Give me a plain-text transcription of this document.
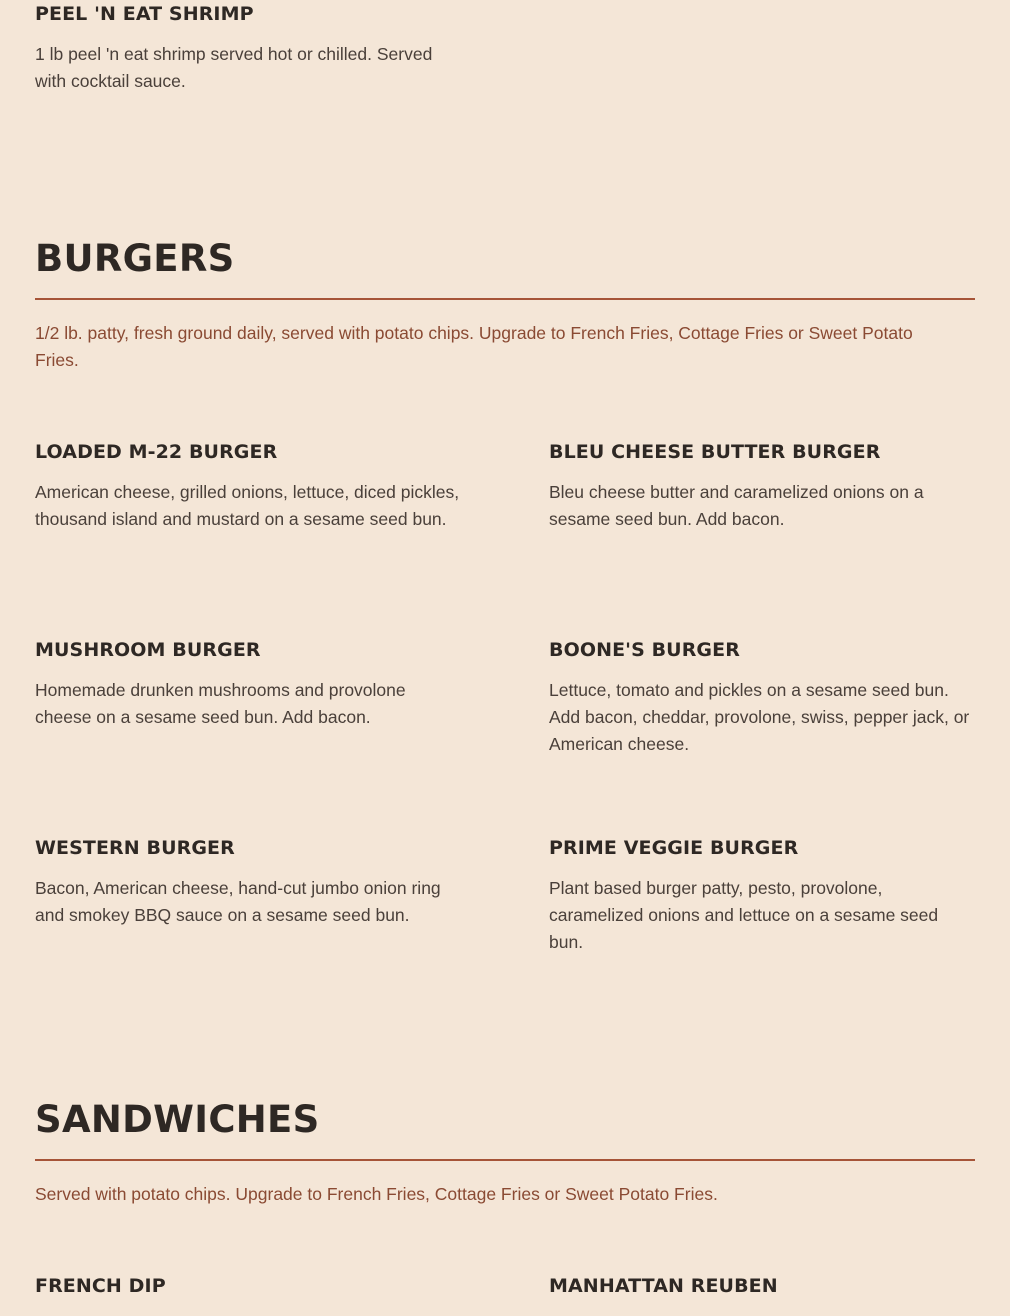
PEEL 'N EAT SHRIMP

1 lb peel 'n eat shrimp served hot or chilled. Served with cocktail sauce.

BURGERS

1/2 lb. patty, fresh ground daily, served with potato chips. Upgrade to French Fries, Cottage Fries or Sweet Potato Fries.

LOADED M-22 BURGER

American cheese, grilled onions, lettuce, diced pickles, thousand island and mustard on a sesame seed bun.

BLEU CHEESE BUTTER BURGER

Bleu cheese butter and caramelized onions on a sesame seed bun. Add bacon.

MUSHROOM BURGER

Homemade drunken mushrooms and provolone cheese on a sesame seed bun. Add bacon.

BOONE'S BURGER

Lettuce, tomato and pickles on a sesame seed bun. Add bacon, cheddar, provolone, swiss, pepper jack, or American cheese.

WESTERN BURGER

Bacon, American cheese, hand-cut jumbo onion ring and smokey BBQ sauce on a sesame seed bun.

PRIME VEGGIE BURGER

Plant based burger patty, pesto, provolone, caramelized onions and lettuce on a sesame seed bun.

SANDWICHES

Served with potato chips. Upgrade to French Fries, Cottage Fries or Sweet Potato Fries.

FRENCH DIP	MANHATTAN REUBEN
